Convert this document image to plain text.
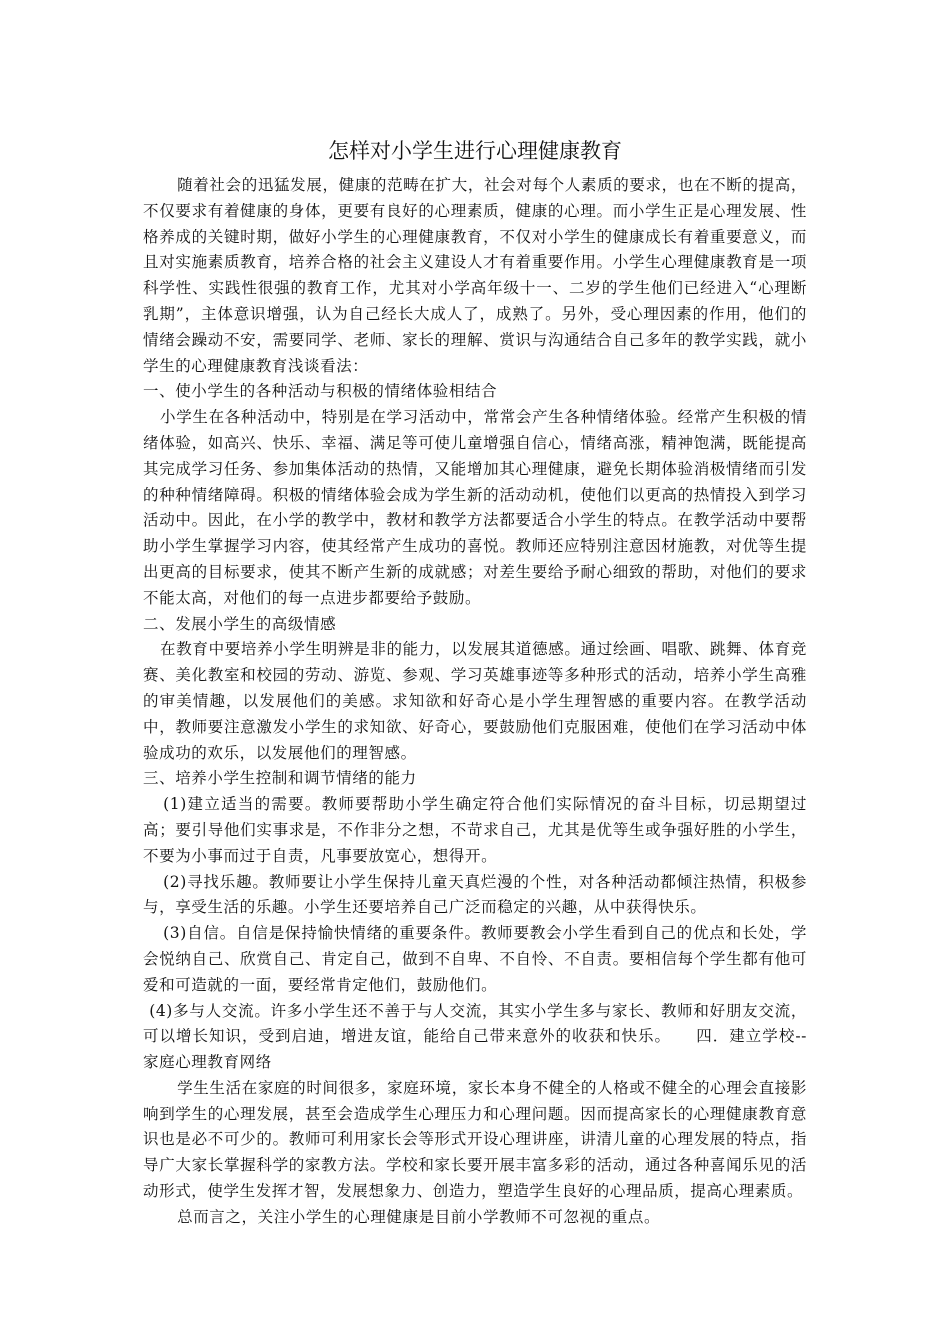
怎样对小学生进行心理健康教育

随着社会的迅猛发展，健康的范畴在扩大，社会对每个人素质的要求，也在不断的提高，不仅要求有着健康的身体，更要有良好的心理素质，健康的心理。而小学生正是心理发展、性格养成的关键时期，做好小学生的心理健康教育，不仅对小学生的健康成长有着重要意义，而且对实施素质教育，培养合格的社会主义建设人才有着重要作用。小学生心理健康教育是一项科学性、实践性很强的教育工作，尤其对小学高年级十一、二岁的学生他们已经进入“心理断乳期”，主体意识增强，认为自己经长大成人了，成熟了。另外，受心理因素的作用，他们的情绪会躁动不安，需要同学、老师、家长的理解、赏识与沟通结合自己多年的教学实践，就小学生的心理健康教育浅谈看法：

一、使小学生的各种活动与积极的情绪体验相结合

小学生在各种活动中，特别是在学习活动中，常常会产生各种情绪体验。经常产生积极的情绪体验，如高兴、快乐、幸福、满足等可使儿童增强自信心，情绪高涨，精神饱满，既能提高其完成学习任务、参加集体活动的热情，又能增加其心理健康，避免长期体验消极情绪而引发的种种情绪障碍。积极的情绪体验会成为学生新的活动动机，使他们以更高的热情投入到学习活动中。因此，在小学的教学中，教材和教学方法都要适合小学生的特点。在教学活动中要帮助小学生掌握学习内容，使其经常产生成功的喜悦。教师还应特别注意因材施教，对优等生提出更高的目标要求，使其不断产生新的成就感；对差生要给予耐心细致的帮助，对他们的要求不能太高，对他们的每一点进步都要给予鼓励。

二、发展小学生的高级情感

在教育中要培养小学生明辨是非的能力，以发展其道德感。通过绘画、唱歌、跳舞、体育竞赛、美化教室和校园的劳动、游览、参观、学习英雄事迹等多种形式的活动，培养小学生高雅的审美情趣，以发展他们的美感。求知欲和好奇心是小学生理智感的重要内容。在教学活动中，教师要注意激发小学生的求知欲、好奇心，要鼓励他们克服困难，使他们在学习活动中体验成功的欢乐，以发展他们的理智感。

三、培养小学生控制和调节情绪的能力

(1)建立适当的需要。教师要帮助小学生确定符合他们实际情况的奋斗目标，切忌期望过高；要引导他们实事求是，不作非分之想，不苛求自己，尤其是优等生或争强好胜的小学生，不要为小事而过于自责，凡事要放宽心，想得开。

(2)寻找乐趣。教师要让小学生保持儿童天真烂漫的个性，对各种活动都倾注热情，积极参与，享受生活的乐趣。小学生还要培养自己广泛而稳定的兴趣，从中获得快乐。

(3)自信。自信是保持愉快情绪的重要条件。教师要教会小学生看到自己的优点和长处，学会悦纳自己、欣赏自己、肯定自己，做到不自卑、不自怜、不自责。要相信每个学生都有他可爱和可造就的一面，要经常肯定他们，鼓励他们。

(4)多与人交流。许多小学生还不善于与人交流，其实小学生多与家长、教师和好朋友交流，可以增长知识，受到启迪，增进友谊，能给自己带来意外的收获和快乐。　　四．建立学校--家庭心理教育网络

学生生活在家庭的时间很多，家庭环境，家长本身不健全的人格或不健全的心理会直接影响到学生的心理发展，甚至会造成学生心理压力和心理问题。因而提高家长的心理健康教育意识也是必不可少的。教师可利用家长会等形式开设心理讲座，讲清儿童的心理发展的特点，指导广大家长掌握科学的家教方法。学校和家长要开展丰富多彩的活动，通过各种喜闻乐见的活动形式，使学生发挥才智，发展想象力、创造力，塑造学生良好的心理品质，提高心理素质。

总而言之，关注小学生的心理健康是目前小学教师不可忽视的重点。
